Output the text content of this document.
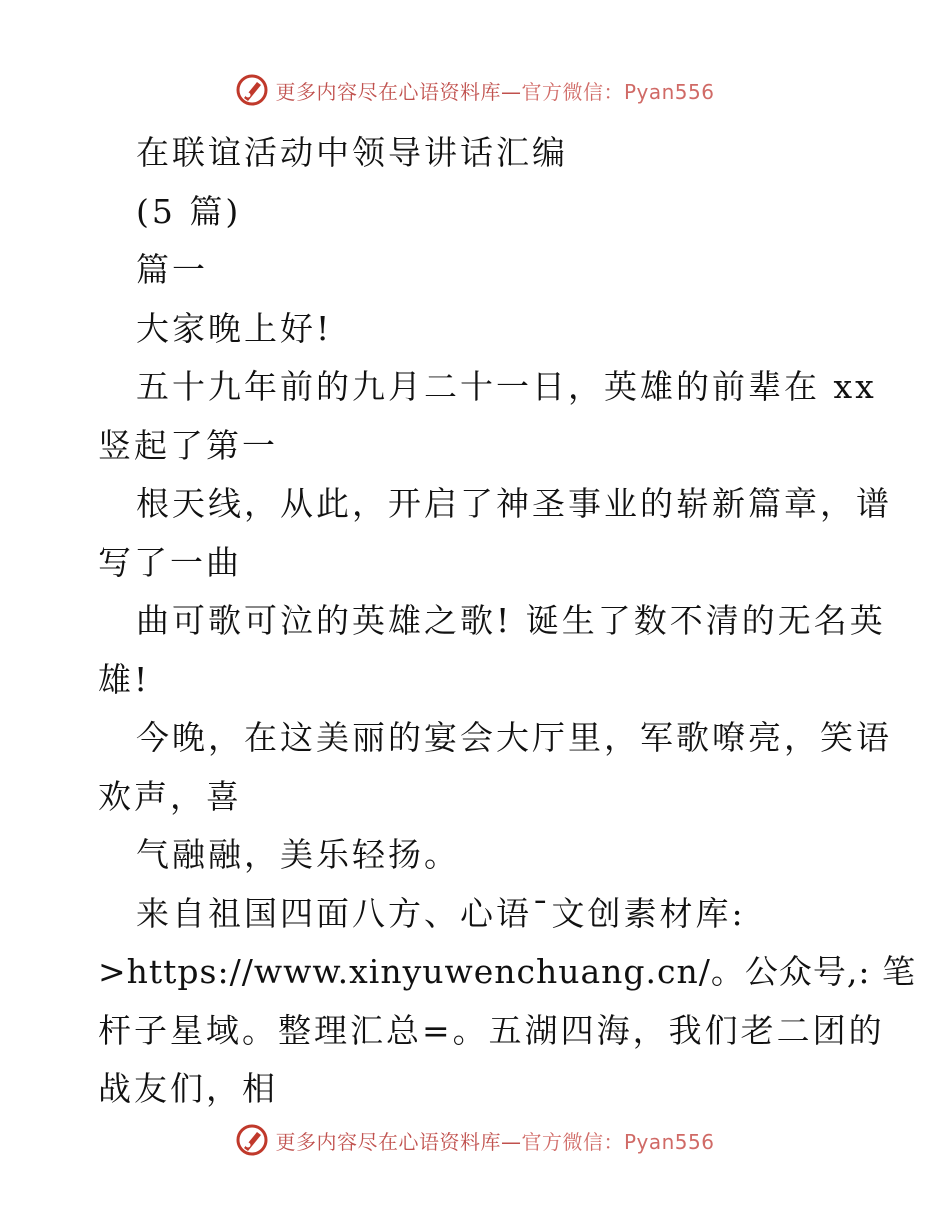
更多内容尽在心语资料库— 官方微信：Pyan556
在联谊活动中领导讲话汇编
(5 篇)
篇一
大家晚上好!
五十九年前的九月二十一日，英雄的前辈在 xx
竖起了第一
根天线，从此，开启了神圣事业的崭新篇章，谱
写了一曲
曲可歌可泣的英雄之歌! 诞生了数不清的无名英
雄!
今晚，在这美丽的宴会大厅里，军歌嘹亮，笑语
欢声，喜
气融融，美乐轻扬。
来自祖国四面八方、心语¯文创素材库:
>https://www.xinyuwenchuang.cn/。公众号,: 笔
杆子星域。整理汇总=。五湖四海，我们老二团的
战友们，相
更多内容尽在心语资料库— 官方微信：Pyan556
